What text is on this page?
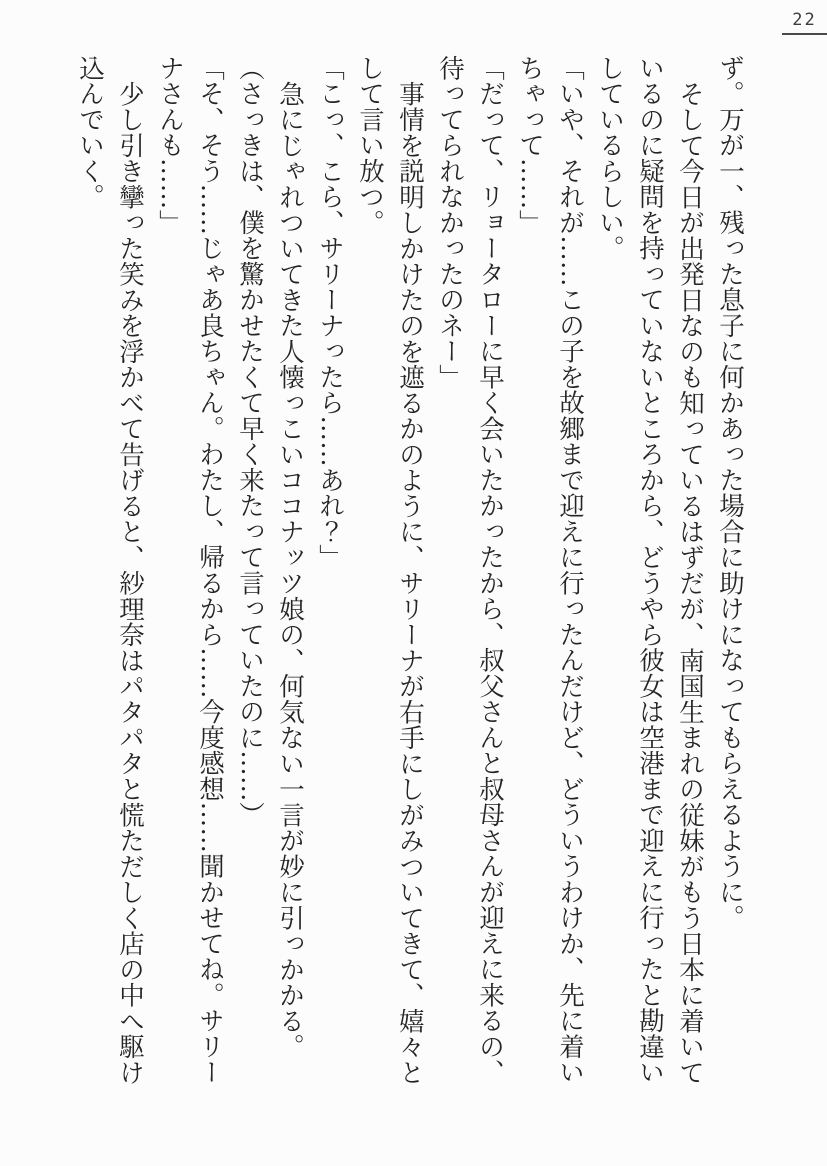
22
ず。万が一、残った息子に何かあった場合に助けになってもらえるように。
そして今日が出発日なのも知っているはずだが、南国生まれの従妹がもう日本に着いて
いるのに疑問を持っていないところから、どうやら彼女は空港まで迎えに行ったと勘違い
しているらしい。
「いや、それが……この子を故郷まで迎えに行ったんだけど、どういうわけか、先に着い
ちゃって……」
「だって、リョータローに早く会いたかったから、叔父さんと叔母さんが迎えに来るの、
待ってられなかったのネー」
事情を説明しかけたのを遮るかのように、サリーナが右手にしがみついてきて、嬉々と
して言い放つ。
「こっ、こら、サリーナったら……あれ？」
急にじゃれついてきた人懐っこいココナッツ娘の、何気ない一言が妙に引っかかる。
（さっきは、僕を驚かせたくて早く来たって言っていたのに……）
「そ、そう……じゃあ良ちゃん。わたし、帰るから……今度感想……聞かせてね。サリー
ナさんも……」
少し引き攣った笑みを浮かべて告げると、紗理奈はパタパタと慌ただしく店の中へ駆け
込んでいく。
